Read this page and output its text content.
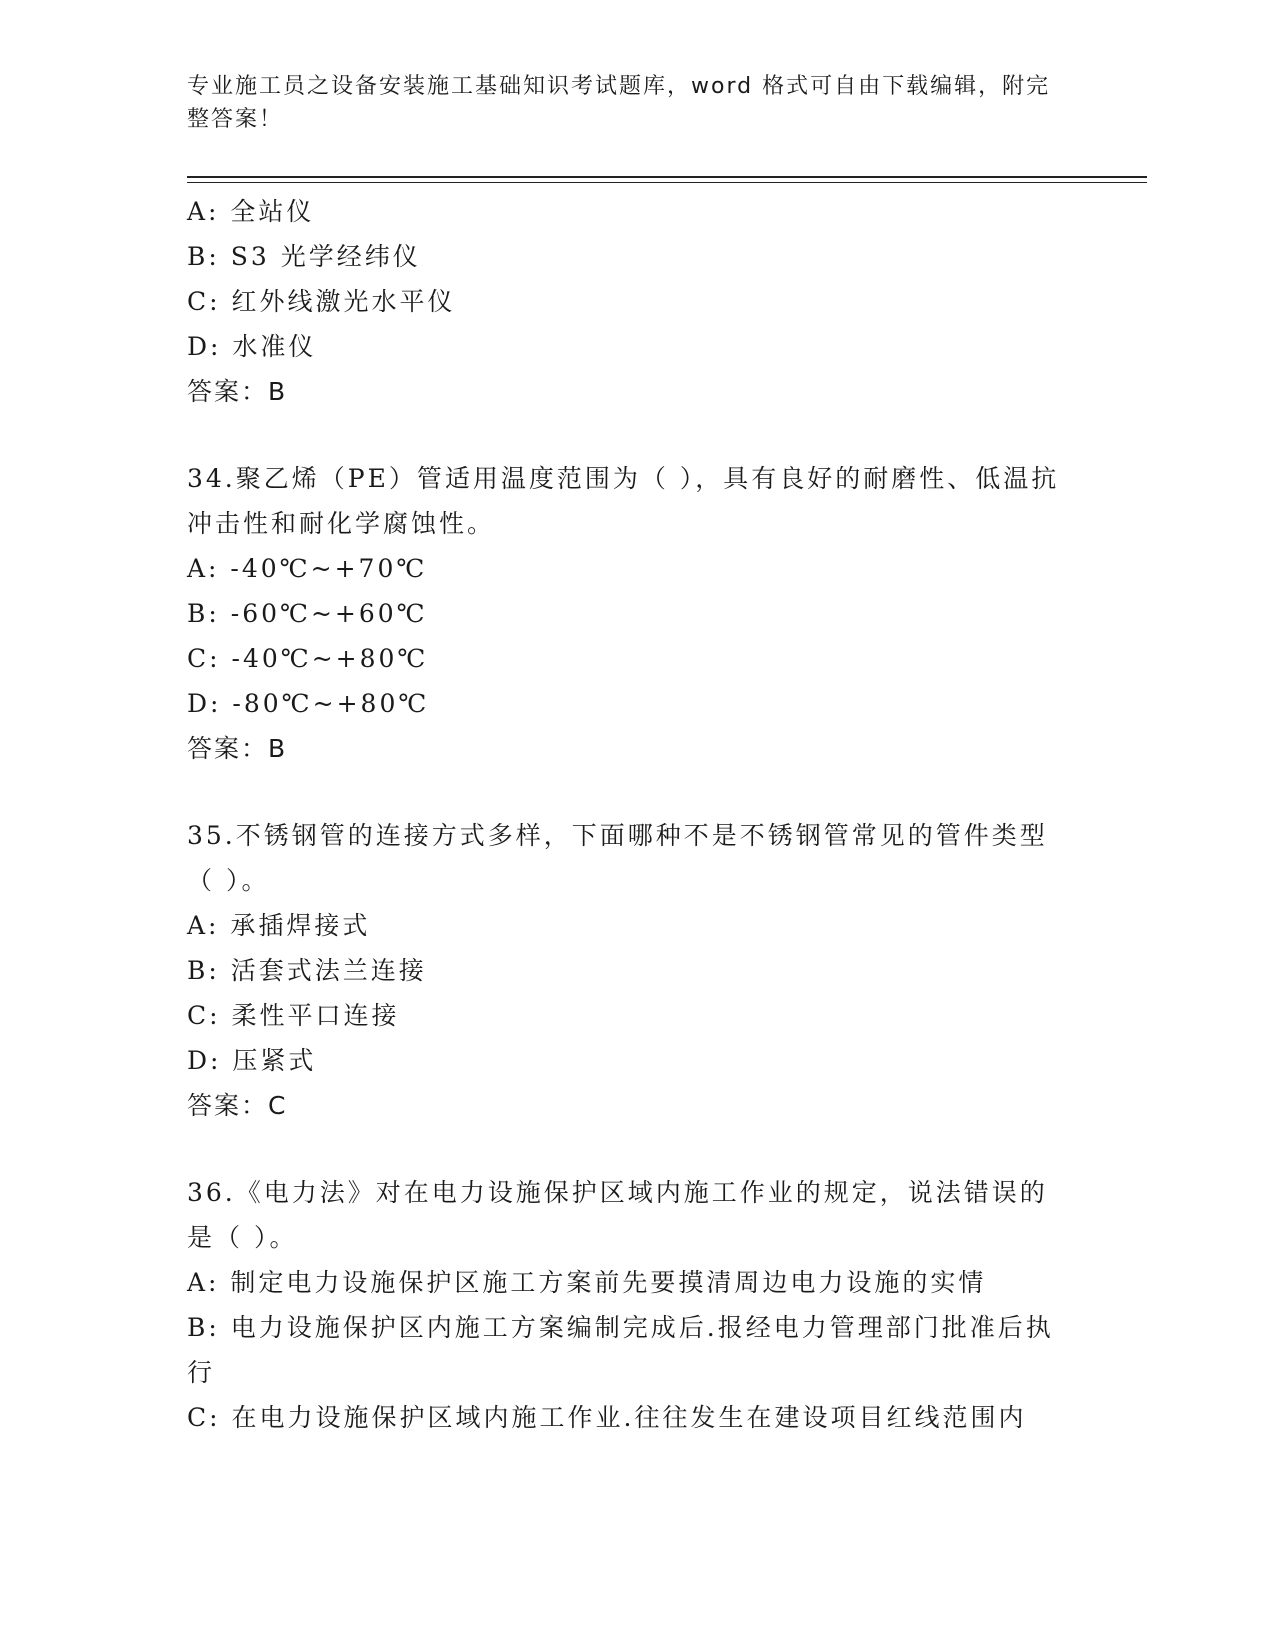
专业施工员之设备安装施工基础知识考试题库，word 格式可自由下载编辑，附完整答案！

A: 全站仪
B: S3 光学经纬仪
C: 红外线激光水平仪
D: 水准仪
答案：B
34.聚乙烯（PE）管适用温度范围为（ ），具有良好的耐磨性、低温抗冲击性和耐化学腐蚀性。
A: -40℃~+70℃
B: -60℃~+60℃
C: -40℃~+80℃
D: -80℃~+80℃
答案：B
35.不锈钢管的连接方式多样，下面哪种不是不锈钢管常见的管件类型（ ）。
A: 承插焊接式
B: 活套式法兰连接
C: 柔性平口连接
D: 压紧式
答案：C
36.《电力法》对在电力设施保护区域内施工作业的规定，说法错误的是（ ）。
A: 制定电力设施保护区施工方案前先要摸清周边电力设施的实情
B: 电力设施保护区内施工方案编制完成后.报经电力管理部门批准后执行
C: 在电力设施保护区域内施工作业.往往发生在建设项目红线范围内
